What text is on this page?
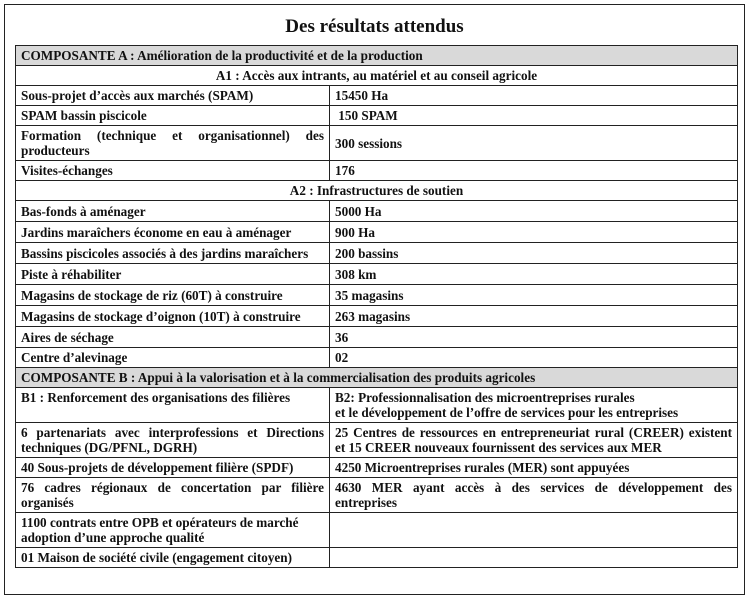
Des résultats attendus
COMPOSANTE A : Amélioration de la productivité et de la production	
A1 : Accès aux intrants, au matériel et au conseil agricole	
Sous-projet d’accès aux marchés (SPAM)	15450 Ha
SPAM bassin piscicole	150 SPAM
Formation (technique et organisationnel) des producteurs	300 sessions
Visites-échanges	176
A2 : Infrastructures de soutien	
Bas-fonds à aménager	5000 Ha
Jardins maraîchers économe en eau à aménager	900 Ha
Bassins piscicoles associés à des jardins maraîchers	200 bassins
Piste à réhabiliter	308 km
Magasins de stockage de riz (60T) à construire	35 magasins
Magasins de stockage d’oignon (10T) à construire	263 magasins
Aires de séchage	36
Centre d’alevinage	02
COMPOSANTE B : Appui à la valorisation et à la commercialisation des produits agricoles	
B1 : Renforcement des organisations des filières	B2: Professionnalisation des microentreprises rurales
et le développement de l’offre de services pour les entreprises

6 partenariats avec interprofessions et Directions techniques (DG/PFNL, DGRH)	25 Centres de ressources en entrepreneuriat rural (CREER) existent et 15 CREER nouveaux fournissent des services aux MER
40 Sous-projets de développement filière (SPDF)	4250 Microentreprises rurales (MER) sont appuyées
76 cadres régionaux de concertation par filière organisés	4630 MER ayant accès à des services de développement des entreprises
1100 contrats entre OPB et opérateurs de marché adoption d’une approche qualité	
01 Maison de société civile (engagement citoyen)	
